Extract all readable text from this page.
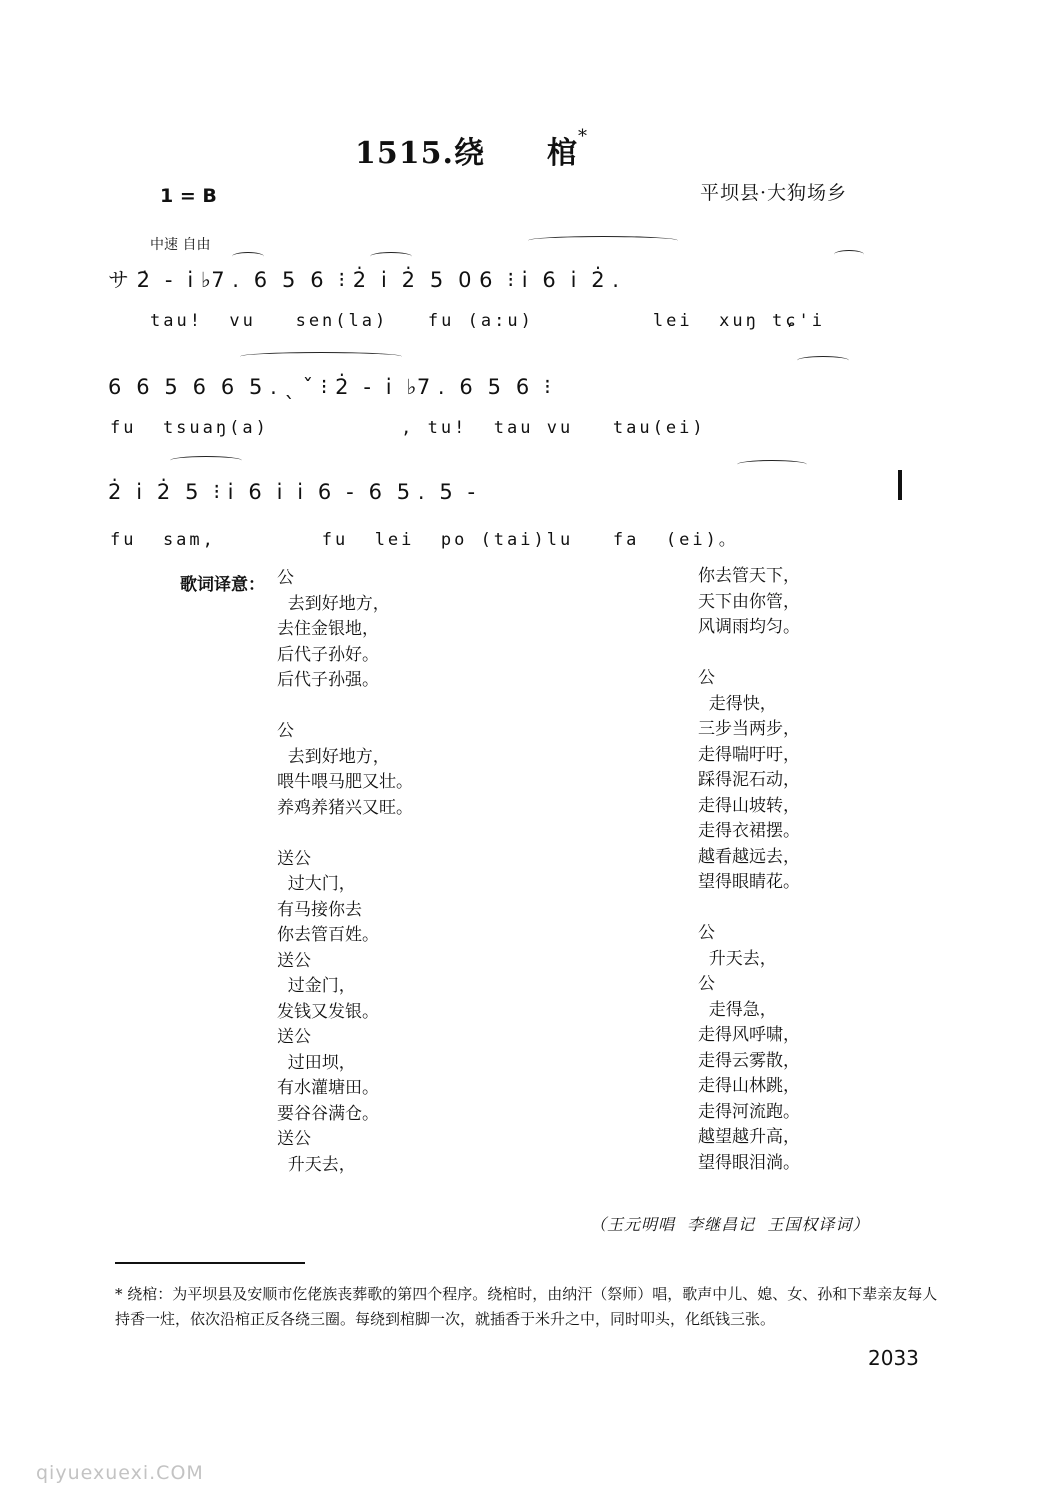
1515.绕 棺*
1 = B	平坝县·大狗场乡
中速 自由
サ 2̇  -  i̇ ♭7 .  6  5  6  ⁝ 2̇  i̇  2̇  5  0 6  ⁝ i̇  6  i̇  2̇ .
tau!  vu   sen(la)   fu (a:u)         lei  xuŋ tɕ'i
6  6  5  6  6  5 . ˎ ˇ ⁝ 2̇  -  i̇  ♭7 .  6  5  6  ⁝
fu  tsuaŋ(a)          , tu!  tau vu   tau(ei)
2̇  i̇  2̇  5  ⁝ i̇  6  i̇  i̇  6  -  6  5 .  5  -
fu  sam,        fu  lei  po (tai)lu   fa  (ei)。
歌词译意： 公
去到好地方，
去住金银地，
后代子孙好。
后代子孙强。
公
去到好地方，
喂牛喂马肥又壮。
养鸡养猪兴又旺。
送公
过大门，
有马接你去
你去管百姓。
送公
过金门，
发钱又发银。
送公
过田坝，
有水灌塘田。
要谷谷满仓。
送公
升天去，
你去管天下，
天下由你管，
风调雨均匀。
公
走得快，
三步当两步，
走得喘吁吁，
踩得泥石动，
走得山坡转，
走得衣裙摆。
越看越远去，
望得眼睛花。
公
升天去，
公
走得急，
走得风呼啸，
走得云雾散，
走得山林跳，
走得河流跑。
越望越升高，
望得眼泪淌。
（王元明唱  李继昌记  王国权译词）
* 绕棺：为平坝县及安顺市仡佬族丧葬歌的第四个程序。绕棺时，由纳汗（祭师）唱，歌声中儿、媳、女、孙和下辈亲友每人持香一炷，依次沿棺正反各绕三圈。每绕到棺脚一次，就插香于米升之中，同时叩头，化纸钱三张。
2033
qiyuexuexi.COM
